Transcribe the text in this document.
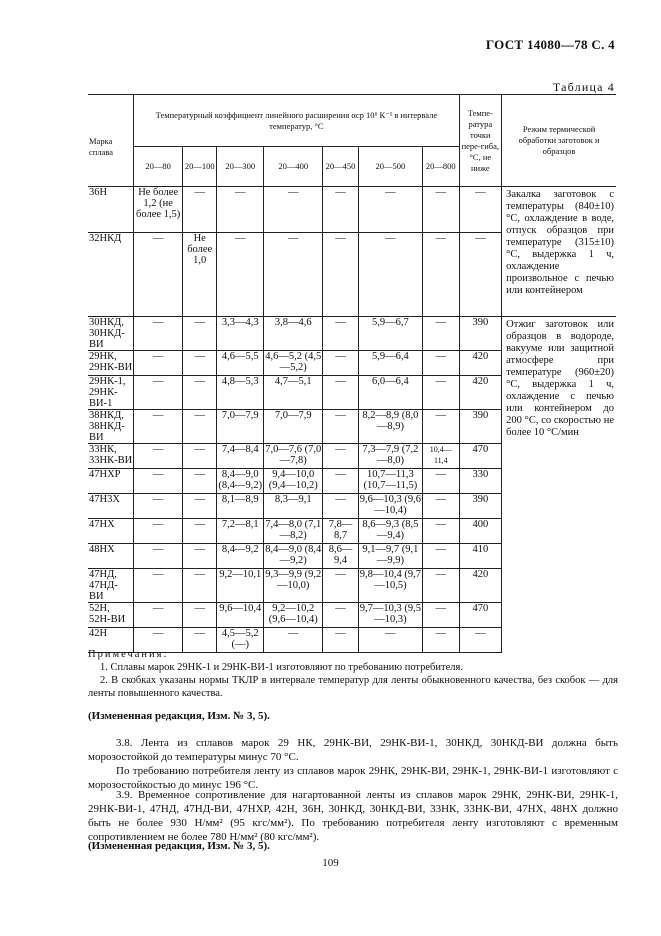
ГОСТ 14080—78 С. 4
Таблица 4
Марка сплава	Температурный коэффициент линейного расширения αср 10⁶ К⁻¹ в интервале температур, °С							Темпе-ратура точки пере-гиба, °С, не ниже	Режим термической обработки заготовок и образцов
	20—80	20—100	20—300	20—400	20—450	20—500	20—800		
36Н	Не более 1,2 (не более 1,5)	—	—	—	—	—	—	—	Закалка заготовок с температуры (840±10) °С, охлаждение в воде, отпуск образцов при температуре (315±10) °С, выдержка 1 ч, охлаждение произвольное с печью или контейнером
32НКД	—	Не более 1,0	—	—	—	—	—	—	
30НКД, 30НКД-ВИ	—	—	3,3—4,3	3,8—4,6	—	5,9—6,7	—	390	Отжиг заготовок или образцов в водороде, вакууме или защитной атмосфере при температуре (960±20) °С, выдержка 1 ч, охлаждение с печью или контейнером до 200 °С, со скоростью не более 10 °С/мин
29НК, 29НК-ВИ	—	—	4,6—5,5	4,6—5,2 (4,5—5,2)	—	5,9—6,4	—	420	
29НК-1, 29НК-ВИ-1	—	—	4,8—5,3	4,7—5,1	—	6,0—6,4	—	420	
38НКД, 38НКД-ВИ	—	—	7,0—7,9	7,0—7,9	—	8,2—8,9 (8,0—8,9)	—	390	
33НК, 33НК-ВИ	—	—	7,4—8,4	7,0—7,6 (7,0—7,8)	—	7,3—7,9 (7,2—8,0)	10,4—11,4	470	
47НХР	—	—	8,4—9,0 (8,4—9,2)	9,4—10,0 (9,4—10,2)	—	10,7—11,3 (10,7—11,5)	—	330	
47Н3Х	—	—	8,1—8,9	8,3—9,1	—	9,6—10,3 (9,6—10,4)	—	390	
47НХ	—	—	7,2—8,1	7,4—8,0 (7,1—8,2)	7,8—8,7	8,6—9,3 (8,5—9,4)	—	400	
48НХ	—	—	8,4—9,2	8,4—9,0 (8,4—9,2)	8,6—9,4	9,1—9,7 (9,1—9,9)	—	410	
47НД, 47НД-ВИ	—	—	9,2—10,1	9,3—9,9 (9,2—10,0)	—	9,8—10,4 (9,7—10,5)	—	420	
52Н, 52Н-ВИ	—	—	9,6—10,4	9,2—10,2 (9,6—10,4)	—	9,7—10,3 (9,5—10,3)	—	470	
42Н	—	—	4,5—5,2 (—)	—	—	—	—	—	
Примечания:

1. Сплавы марок 29НК-1 и 29НК-ВИ-1 изготовляют по требованию потребителя.

2. В скобках указаны нормы ТКЛР в интервале температур для ленты обыкновенного качества, без скобок — для ленты повышенного качества.

(Измененная редакция, Изм. № 3, 5).

3.8. Лента из сплавов марок 29 НК, 29НК-ВИ, 29НК-ВИ-1, 30НКД, 30НКД-ВИ должна быть морозостойкой до температуры минус 70 °С.

По требованию потребителя ленту из сплавов марок 29НК, 29НК-ВИ, 29НК-1, 29НК-ВИ-1 изготовляют с морозостойкостью до минус 196 °С.

3.9. Временное сопротивление для нагартованной ленты из сплавов марок 29НК, 29НК-ВИ, 29НК-1, 29НК-ВИ-1, 47НД, 47НД-ВИ, 47НХР, 42Н, 36Н, 30НКД, 30НКД-ВИ, 33НК, 33НК-ВИ, 47НХ, 48НХ должно быть не более 930 Н/мм² (95 кгс/мм²). По требованию потребителя ленту изготовляют с временным сопротивлением не более 780 Н/мм² (80 кгс/мм²).

(Измененная редакция, Изм. № 3, 5).
109
